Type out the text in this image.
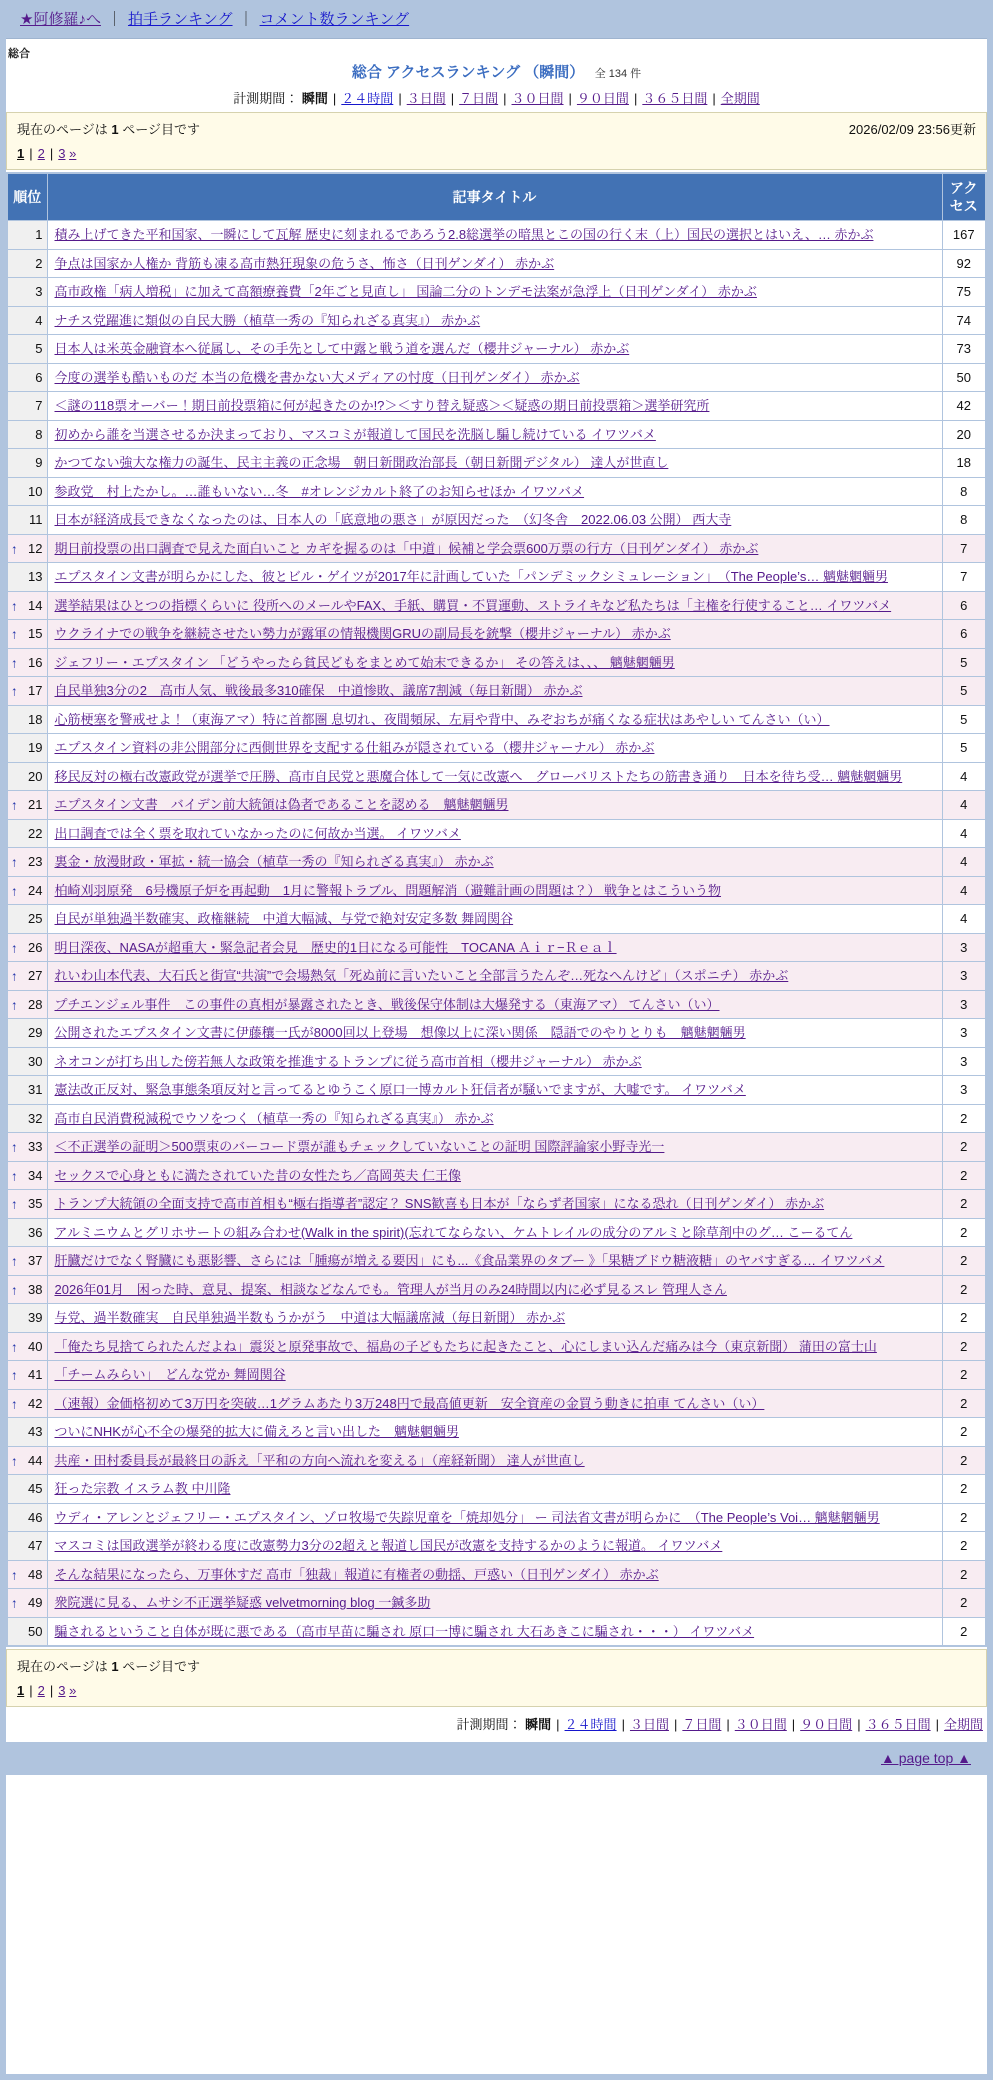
★阿修羅♪へ ｜ 拍手ランキング ｜ コメント数ランキング
総合
総合 アクセスランキング （瞬間） 全 134 件
計測期間： 瞬間 | ２４時間 | ３日間 | ７日間 | ３０日間 | ９０日間 | ３６５日間 | 全期間
現在のページは 1 ページ目です	2026/02/09 23:56更新
1 | 2 | 3 »
順位	記事タイトル	アクセス

1	積み上げてきた平和国家、一瞬にして瓦解 歴史に刻まれるであろう2.8総選挙の暗黒とこの国の行く末（上）国民の選択とはいえ、… 赤かぶ	167

2	争点は国家か人権か 背筋も凍る高市熱狂現象の危うさ、怖さ（日刊ゲンダイ） 赤かぶ	92

3	高市政権「病人増税」に加えて高額療養費「2年ごと見直し」 国論二分のトンデモ法案が急浮上（日刊ゲンダイ） 赤かぶ	75

4	ナチス党躍進に類似の自民大勝（植草一秀の『知られざる真実』） 赤かぶ	74

5	日本人は米英金融資本へ従属し、その手先として中露と戦う道を選んだ（櫻井ジャーナル） 赤かぶ	73

6	今度の選挙も酷いものだ 本当の危機を書かない大メディアの忖度（日刊ゲンダイ） 赤かぶ	50

7	＜謎の118票オーバー！期日前投票箱に何が起きたのか!?＞＜すり替え疑惑＞＜疑惑の期日前投票箱＞選挙研究所	42

8	初めから誰を当選させるか決まっており、マスコミが報道して国民を洗脳し騙し続けている イワツバメ	20

9	かつてない強大な権力の誕生、民主主義の正念場　朝日新聞政治部長（朝日新聞デジタル） 達人が世直し	18

10	参政党　村上たかし。…誰もいない…冬　#オレンジカルト終了のお知らせほか イワツバメ	8

11	日本が経済成長できなくなったのは、日本人の「底意地の悪さ」が原因だった　（幻冬舎　2022.06.03 公開） 西大寺	8

↑ 12	期日前投票の出口調査で見えた面白いこと カギを握るのは「中道」候補と学会票600万票の行方（日刊ゲンダイ） 赤かぶ	7

13	エプスタイン文書が明らかにした、彼とビル・ゲイツが2017年に計画していた「パンデミックシミュレーション」　（The People’s… 魑魅魍魎男	7

↑ 14	選挙結果はひとつの指標くらいに 役所へのメールやFAX、手紙、購買・不買運動、ストライキなど私たちは「主権を行使すること… イワツバメ	6

↑ 15	ウクライナでの戦争を継続させたい勢力が露軍の情報機関GRUの副局長を銃撃（櫻井ジャーナル） 赤かぶ	6

↑ 16	ジェフリー・エプスタイン 「どうやったら貧民どもをまとめて始末できるか」 その答えは、、、 魑魅魍魎男	5

↑ 17	自民単独3分の2　高市人気、戦後最多310確保　中道惨敗、議席7割減（毎日新聞） 赤かぶ	5

18	心筋梗塞を警戒せよ！（東海アマ）特に首都圏 息切れ、夜間頻尿、左肩や背中、みぞおちが痛くなる症状はあやしい てんさい（い）	5

19	エプスタイン資料の非公開部分に西側世界を支配する仕組みが隠されている（櫻井ジャーナル） 赤かぶ	5

20	移民反対の極右改憲政党が選挙で圧勝、高市自民党と悪魔合体して一気に改憲へ　グローバリストたちの筋書き通り　日本を待ち受… 魑魅魍魎男	4

↑ 21	エプスタイン文書　バイデン前大統領は偽者であることを認める　魑魅魍魎男	4

22	出口調査では全く票を取れていなかったのに何故か当選。 イワツバメ	4

↑ 23	裏金・放漫財政・軍拡・統一協会（植草一秀の『知られざる真実』） 赤かぶ	4

↑ 24	柏崎刈羽原発　6号機原子炉を再起動　1月に警報トラブル、問題解消（避難計画の問題は？） 戦争とはこういう物	4

25	自民が単独過半数確実、政権継続　中道大幅減、与党で絶対安定多数 舞岡関谷	4

↑ 26	明日深夜、NASAが超重大・緊急記者会見　歴史的1日になる可能性　TOCANA Ａｉｒ−Ｒｅａｌ	3

↑ 27	れいわ山本代表、大石氏と街宣“共演”で会場熱気「死ぬ前に言いたいこと全部言うたんぞ…死なへんけど」（スポニチ） 赤かぶ	3

↑ 28	プチエンジェル事件　この事件の真相が暴露されたとき、戦後保守体制は大爆発する（東海アマ） てんさい（い）	3

29	公開されたエプスタイン文書に伊藤穰一氏が8000回以上登場　想像以上に深い関係　隠語でのやりとりも　魑魅魍魎男	3

30	ネオコンが打ち出した傍若無人な政策を推進するトランプに従う高市首相（櫻井ジャーナル） 赤かぶ	3

31	憲法改正反対、緊急事態条項反対と言ってるとゆうこく原口一博カルト狂信者が騒いでますが、大嘘です。 イワツバメ	3

32	高市自民消費税減税でウソをつく（植草一秀の『知られざる真実』） 赤かぶ	2

↑ 33	＜不正選挙の証明＞500票束のバーコード票が誰もチェックしていないことの証明 国際評論家小野寺光一	2

↑ 34	セックスで心身ともに満たされていた昔の女性たち／高岡英夫 仁王像	2

↑ 35	トランプ大統領の全面支持で高市首相も“極右指導者”認定？ SNS歓喜も日本が「ならず者国家」になる恐れ（日刊ゲンダイ） 赤かぶ	2

36	アルミニウムとグリホサートの組み合わせ(Walk in the spirit)(忘れてならない、ケムトレイルの成分のアルミと除草剤中のグ… こーるてん	2

↑ 37	肝臓だけでなく腎臓にも悪影響、さらには「腫瘍が増える要因」にも...《食品業界のタブー 》「果糖ブドウ糖液糖」のヤバすぎる… イワツバメ	2

↑ 38	2026年01月　困った時、意見、提案、相談などなんでも。管理人が当月のみ24時間以内に必ず見るスレ 管理人さん	2

39	与党、過半数確実　自民単独過半数もうかがう　中道は大幅議席減（毎日新聞） 赤かぶ	2

↑ 40	「俺たち見捨てられたんだよね」震災と原発事故で、福島の子どもたちに起きたこと、心にしまい込んだ痛みは今（東京新聞） 蒲田の富士山	2

↑ 41	「チームみらい」　どんな党か 舞岡関谷	2

↑ 42	（速報）金価格初めて3万円を突破…1グラムあたり3万248円で最高値更新　安全資産の金買う動きに拍車 てんさい（い）	2

43	ついにNHKが心不全の爆発的拡大に備えろと言い出した　魑魅魍魎男	2

↑ 44	共産・田村委員長が最終日の訴え「平和の方向へ流れを変える」（産経新聞） 達人が世直し	2

45	狂った宗教 イスラム教 中川隆	2

46	ウディ・アレンとジェフリー・エプスタイン、ゾロ牧場で失踪児童を「焼却処分」 ー 司法省文書が明らかに　（The People’s Voi… 魑魅魍魎男	2

47	マスコミは国政選挙が終わる度に改憲勢力3分の2超えと報道し国民が改憲を支持するかのように報道。 イワツバメ	2

↑ 48	そんな結果になったら、万事休すだ 高市「独裁」報道に有権者の動揺、戸惑い（日刊ゲンダイ） 赤かぶ	2

↑ 49	衆院選に見る、ムサシ不正選挙疑惑 velvetmorning blog 一鍼多助	2

50	騙されるということ自体が既に悪である（高市早苗に騙され 原口一博に騙され 大石あきこに騙され・・・） イワツバメ	2
現在のページは 1 ページ目です
1 | 2 | 3 »
計測期間： 瞬間 | ２４時間 | ３日間 | ７日間 | ３０日間 | ９０日間 | ３６５日間 | 全期間
▲ page top ▲
